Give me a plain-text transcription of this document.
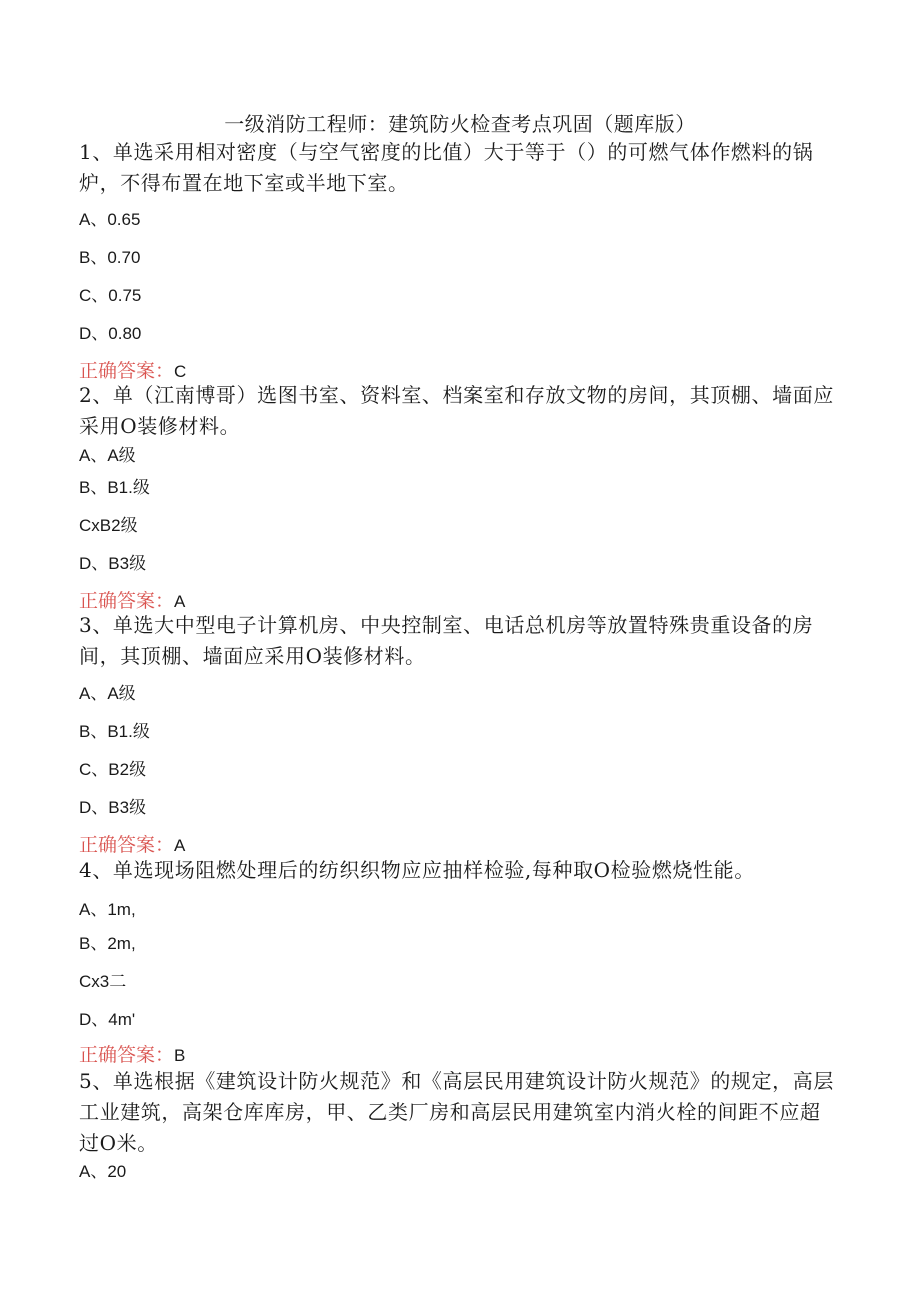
一级消防工程师：建筑防火检查考点巩固（题库版）
1、单选采用相对密度（与空气密度的比值）大于等于（）的可燃气体作燃料的锅炉，不得布置在地下室或半地下室。
A、0.65
B、0.70
C、0.75
D、0.80
正确答案：C
2、单（江南博哥）选图书室、资料室、档案室和存放文物的房间，其顶棚、墙面应采用O装修材料。
A、A级
B、B1.级
CxB2级
D、B3级
正确答案：A
3、单选大中型电子计算机房、中央控制室、电话总机房等放置特殊贵重设备的房间，其顶棚、墙面应采用O装修材料。
A、A级
B、B1.级
C、B2级
D、B3级
正确答案：A
4、单选现场阻燃处理后的纺织织物应应抽样检验,每种取O检验燃烧性能。
A、1m,
B、2m,
Cx3二
D、4m'
正确答案：B
5、单选根据《建筑设计防火规范》和《高层民用建筑设计防火规范》的规定，高层工业建筑，高架仓库库房，甲、乙类厂房和高层民用建筑室内消火栓的间距不应超过O米。
A、20
